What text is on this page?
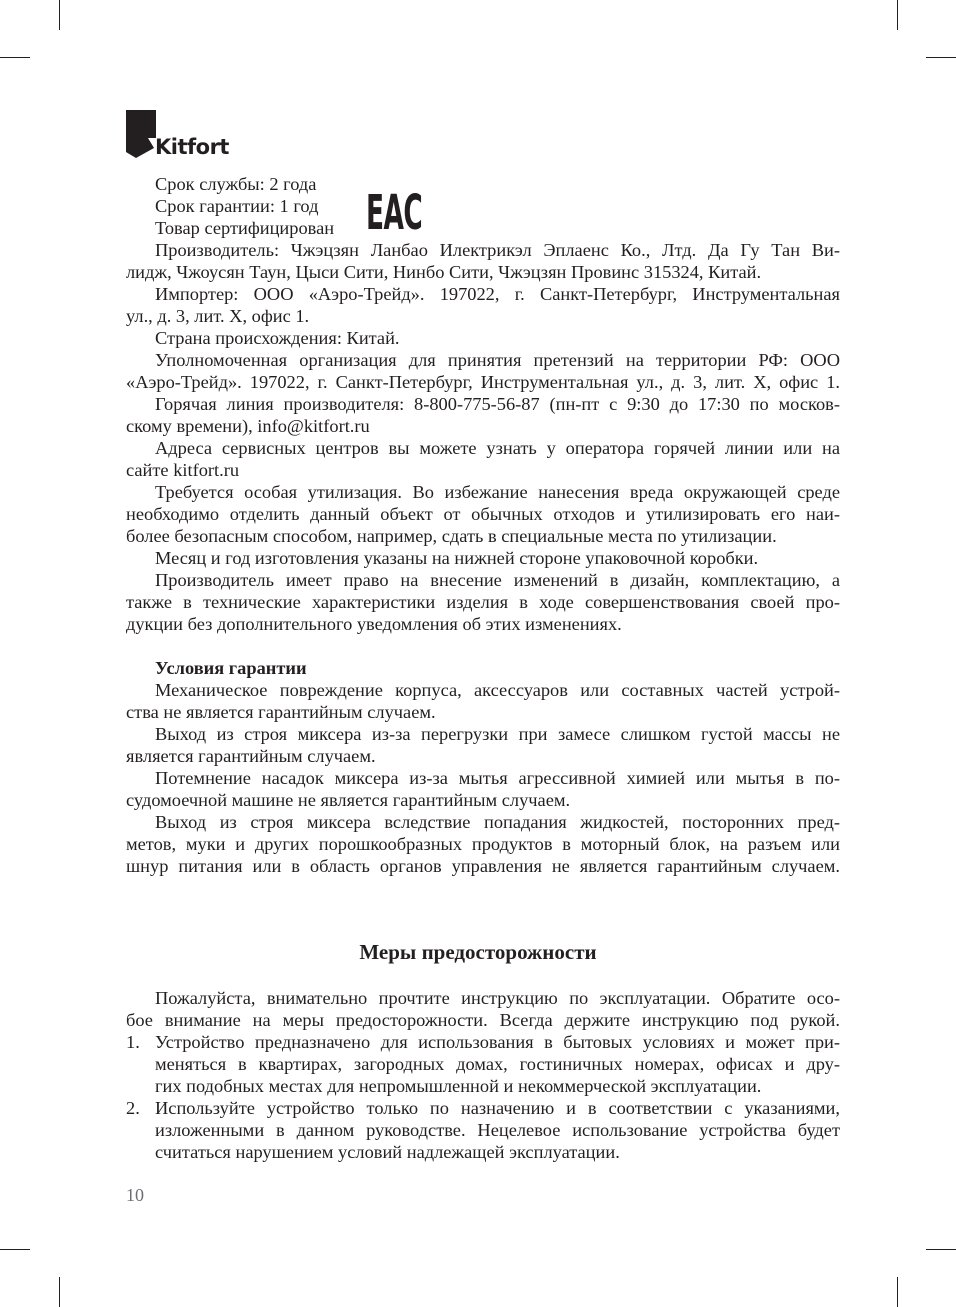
Kitfort
EAC
Срок службы: 2 года
Срок гарантии: 1 год
Товар сертифицирован
Производитель: Чжэцзян Ланбао Илектрикэл Эплаенс Ко., Лтд. Да Гу Тан Ви-
лидж, Чжоусян Таун, Цыси Сити, Нинбо Сити, Чжэцзян Провинс 315324, Китай.
Импортер: ООО «Аэро-Трейд». 197022, г. Санкт-Петербург, Инструментальная
ул., д. 3, лит. Х, офис 1.
Страна происхождения: Китай.
Уполномоченная организация для принятия претензий на территории РФ: ООО
«Аэро-Трейд». 197022, г. Санкт-Петербург, Инструментальная ул., д. 3, лит. Х, офис 1.
Горячая линия производителя: 8-800-775-56-87 (пн-пт с 9:30 до 17:30 по москов-
скому времени), info@kitfort.ru
Адреса сервисных центров вы можете узнать у оператора горячей линии или на
сайте kitfort.ru
Требуется особая утилизация. Во избежание нанесения вреда окружающей среде
необходимо отделить данный объект от обычных отходов и утилизировать его наи-
более безопасным способом, например, сдать в специальные места по утилизации.
Месяц и год изготовления указаны на нижней стороне упаковочной коробки.
Производитель имеет право на внесение изменений в дизайн, комплектацию, а
также в технические характеристики изделия в ходе совершенствования своей про-
дукции без дополнительного уведомления об этих изменениях.
Условия гарантии
Механическое повреждение корпуса, аксессуаров или составных частей устрой-
ства не является гарантийным случаем.
Выход из строя миксера из-за перегрузки при замесе слишком густой массы не
является гарантийным случаем.
Потемнение насадок миксера из-за мытья агрессивной химией или мытья в по-
судомоечной машине не является гарантийным случаем.
Выход из строя миксера вследствие попадания жидкостей, посторонних пред-
метов, муки и других порошкообразных продуктов в моторный блок, на разъем или
шнур питания или в область органов управления не является гарантийным случаем.
Меры предосторожности
Пожалуйста, внимательно прочтите инструкцию по эксплуатации. Обратите осо-
бое внимание на меры предосторожности. Всегда держите инструкцию под рукой.
1. Устройство предназначено для использования в бытовых условиях и может при-
меняться в квартирах, загородных домах, гостиничных номерах, офисах и дру-
гих подобных местах для непромышленной и некоммерческой эксплуатации.
2. Используйте устройство только по назначению и в соответствии с указаниями,
изложенными в данном руководстве. Нецелевое использование устройства будет
считаться нарушением условий надлежащей эксплуатации.
10
